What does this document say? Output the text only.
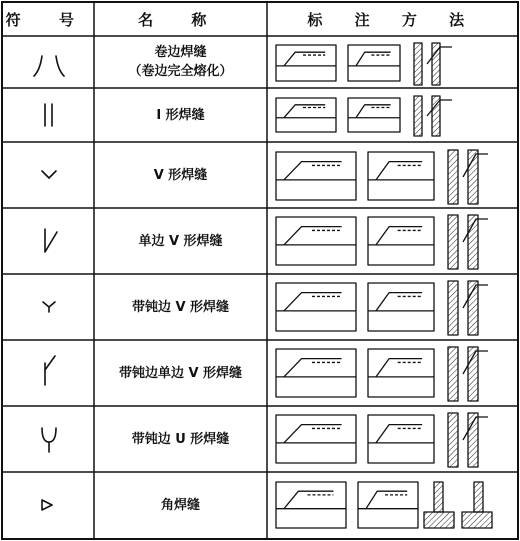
符 号	名 称	标 注 方 法
卷边焊缝
（卷边完全熔化）
I 形焊缝
V 形焊缝
单边 V 形焊缝
带钝边 V 形焊缝
带钝边单边 V 形焊缝
带钝边 U 形焊缝
角焊缝
